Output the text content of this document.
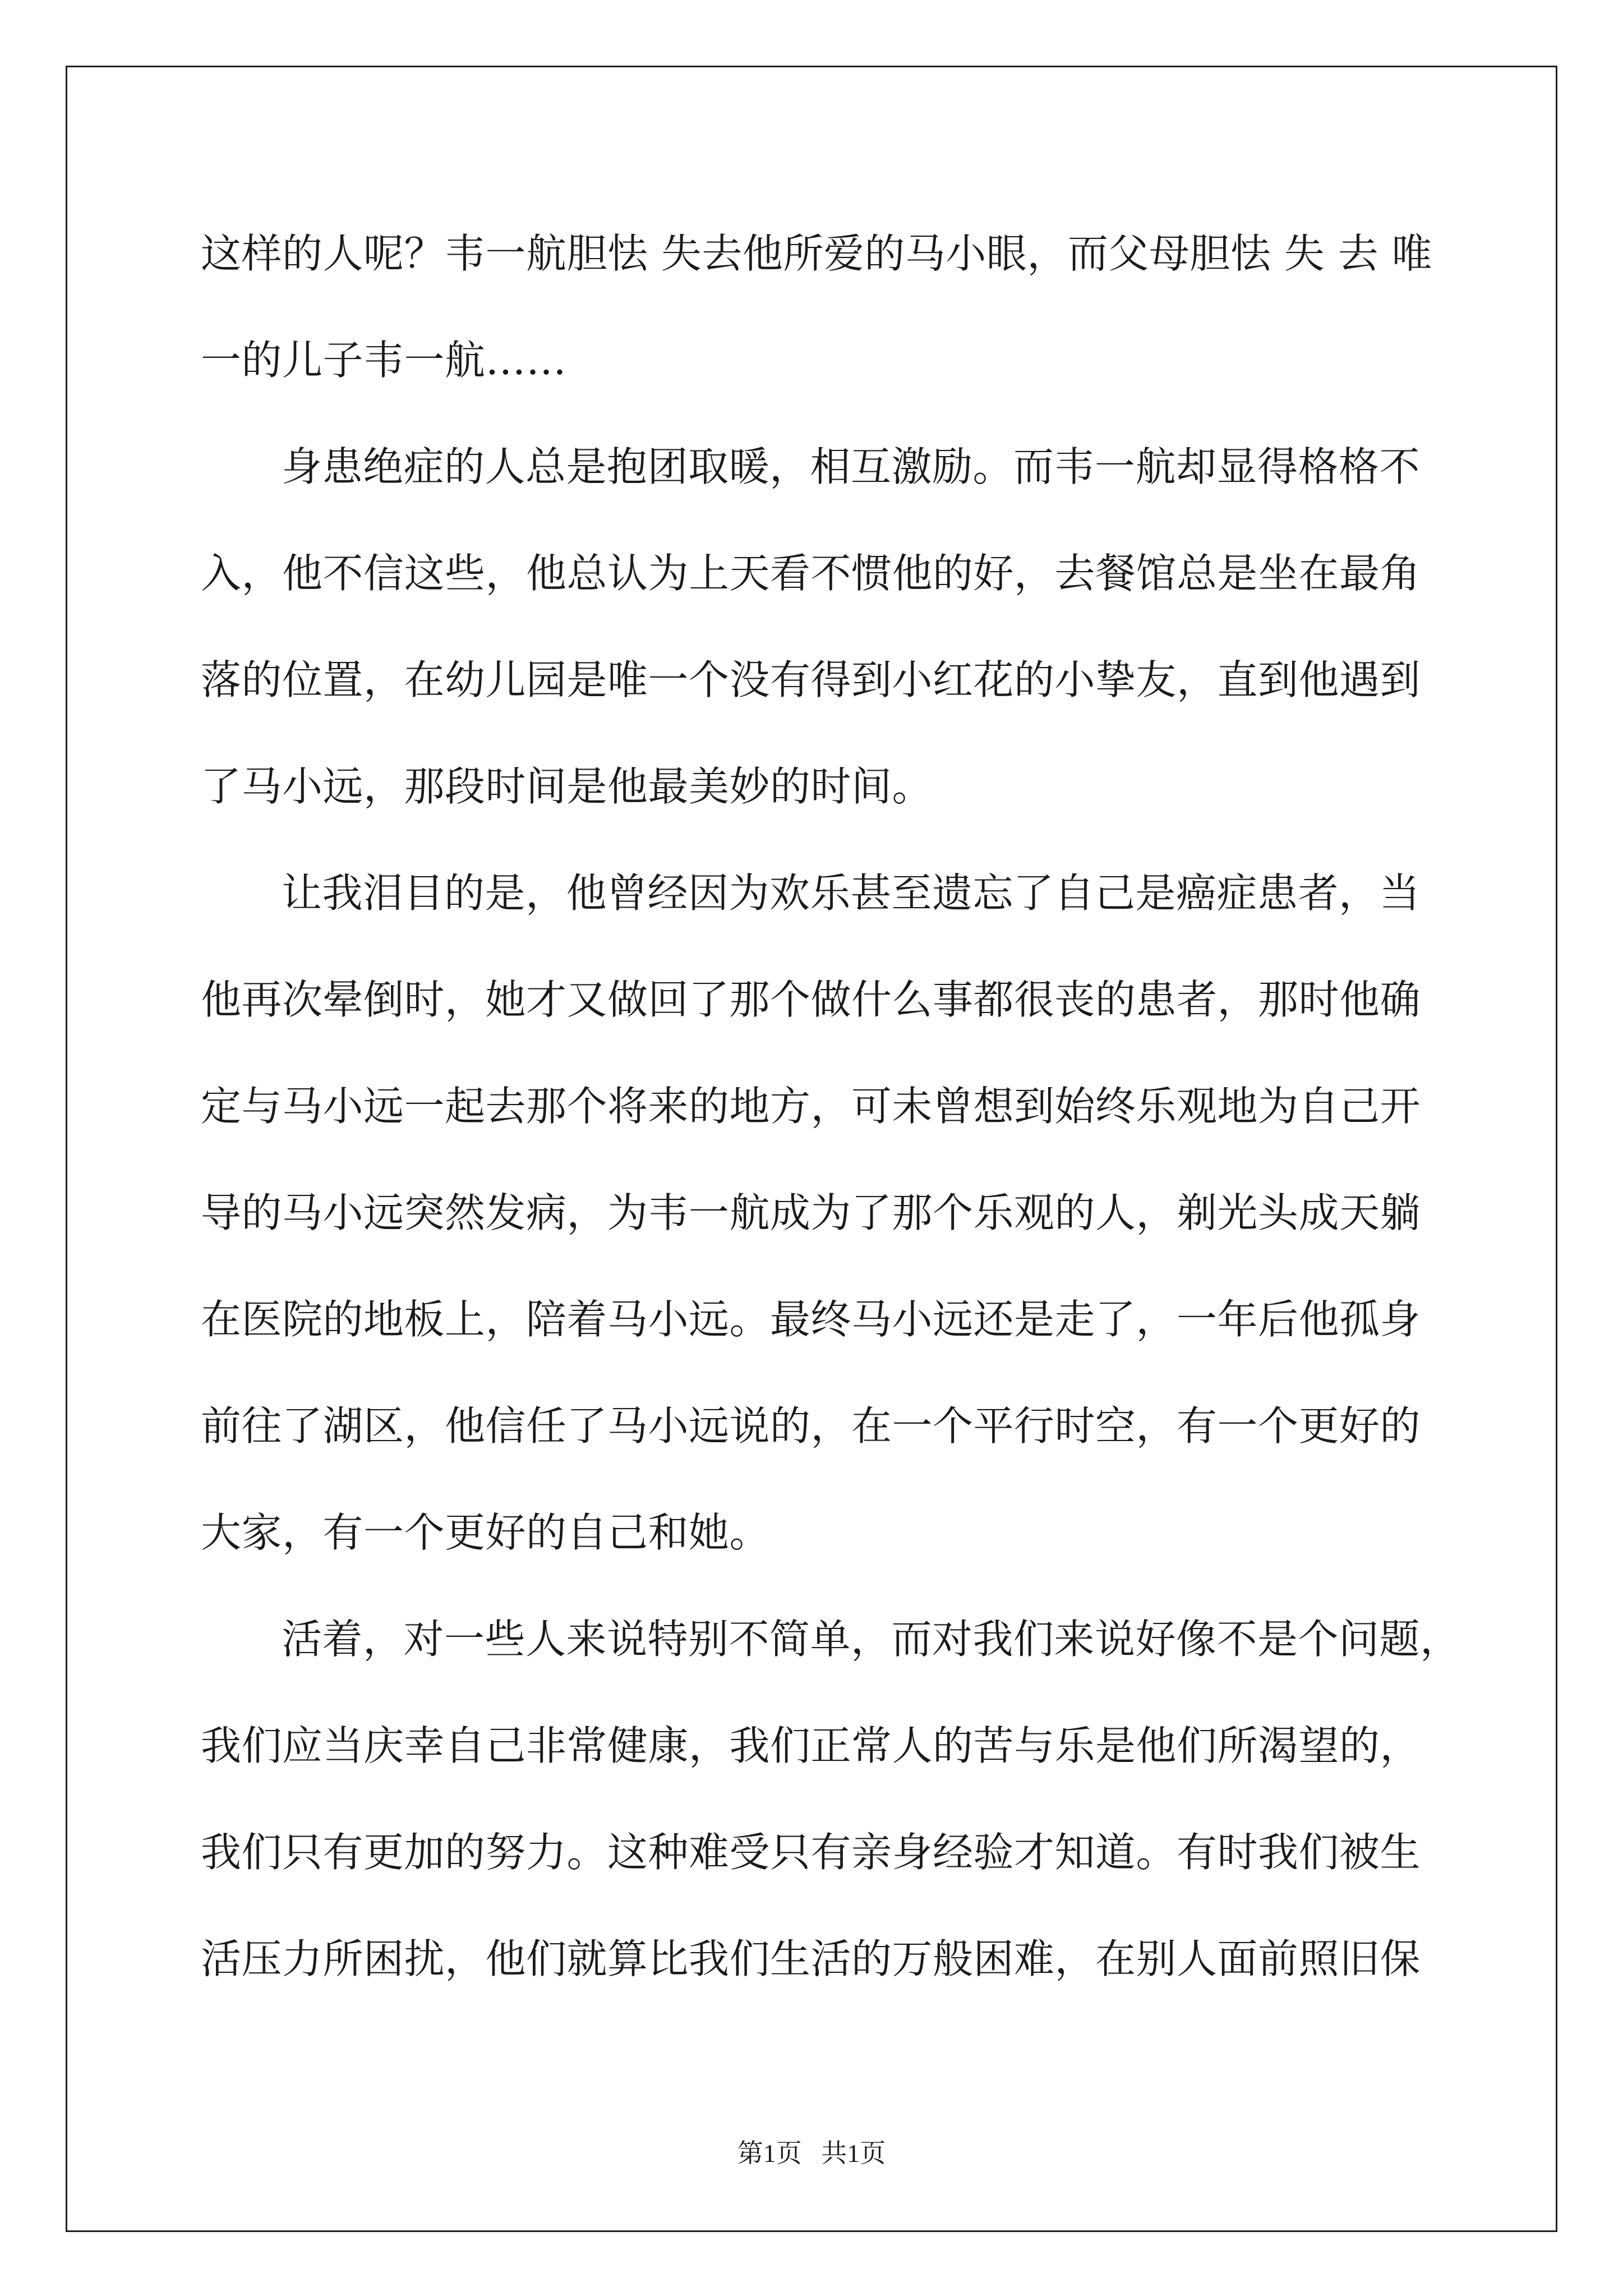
这样的人呢？韦一航胆怯 失去他所爱的马小眼，而父母胆怯 失 去 唯
一的儿子韦一航……
身患绝症的人总是抱团取暖，相互激励。而韦一航却显得格格不
入，他不信这些，他总认为上天看不惯他的好，去餐馆总是坐在最角
落的位置，在幼儿园是唯一个没有得到小红花的小挚友，直到他遇到
了马小远，那段时间是他最美妙的时间。
让我泪目的是，他曾经因为欢乐甚至遗忘了自己是癌症患者，当
他再次晕倒时，她才又做回了那个做什么事都很丧的患者，那时他确
定与马小远一起去那个将来的地方，可未曾想到始终乐观地为自己开
导的马小远突然发病，为韦一航成为了那个乐观的人，剃光头成天躺
在医院的地板上，陪着马小远。最终马小远还是走了，一年后他孤身
前往了湖区，他信任了马小远说的，在一个平行时空，有一个更好的
大家，有一个更好的自己和她。
活着，对一些人来说特别不简单，而对我们来说好像不是个问题，
我们应当庆幸自己非常健康，我们正常人的苦与乐是他们所渴望的，
我们只有更加的努力。这种难受只有亲身经验才知道。有时我们被生
活压力所困扰，他们就算比我们生活的万般困难，在别人面前照旧保
第1页   共1页
